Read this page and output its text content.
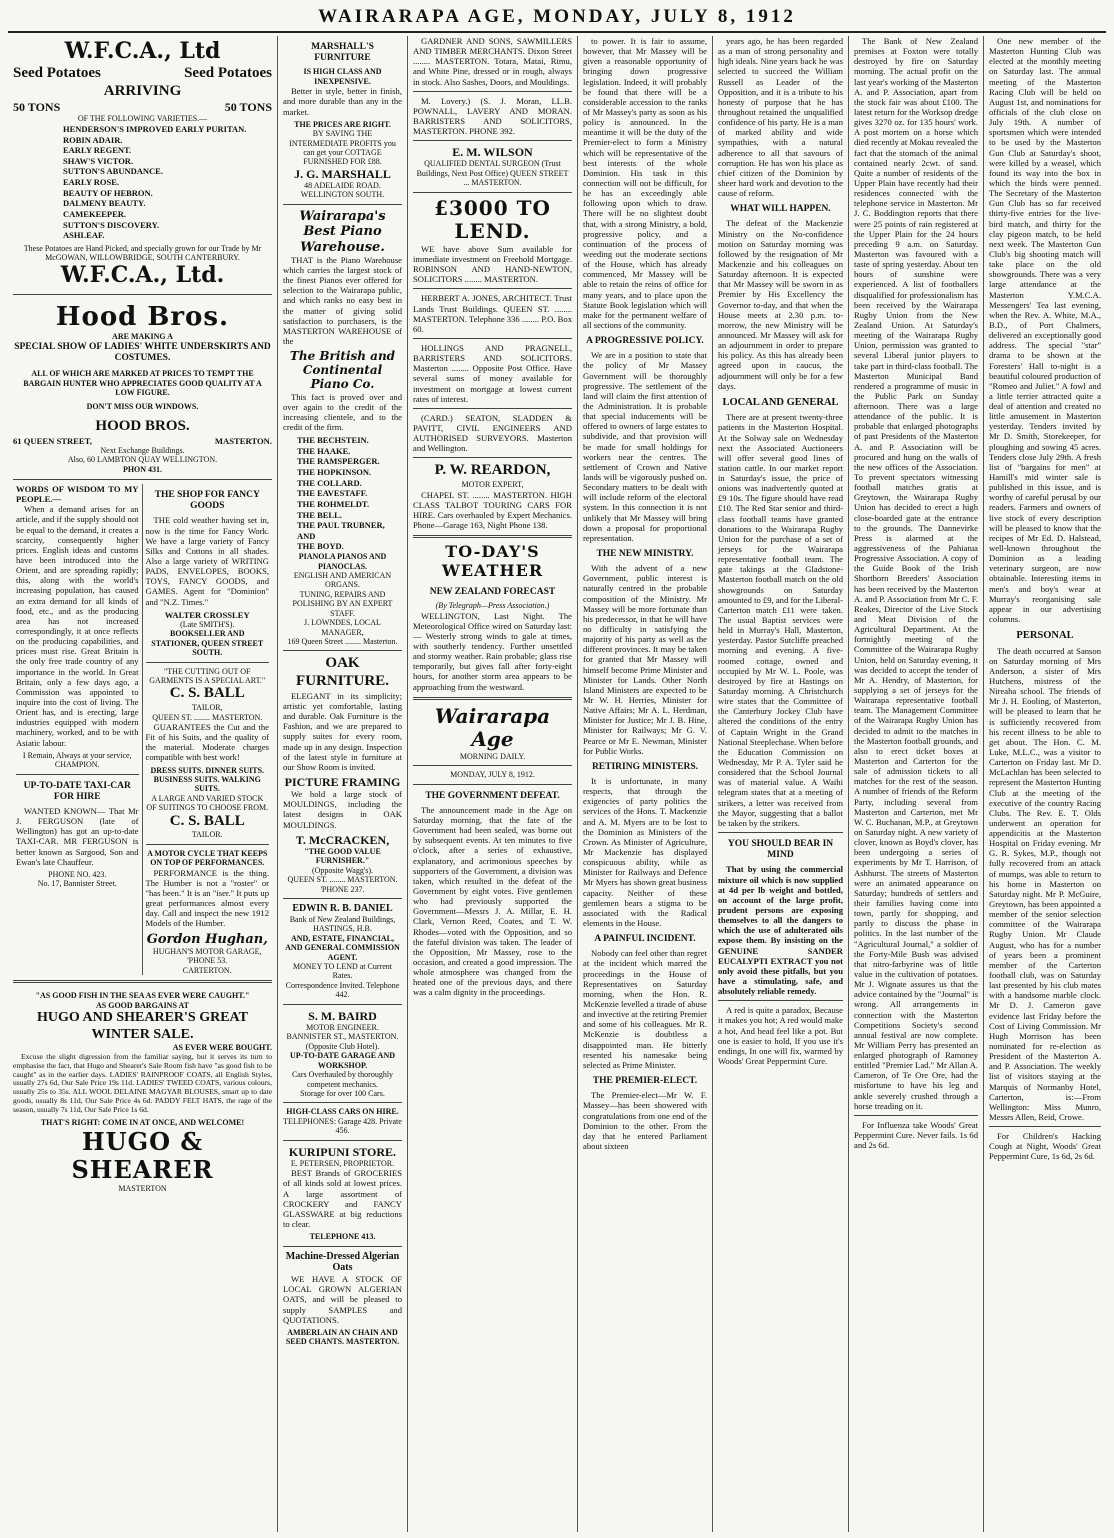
WAIRARAPA AGE, MONDAY, JULY 8, 1912
W.F.C.A., Ltd
Seed Potatoes	Seed Potatoes
ARRIVING
50 TONS	50 TONS
OF THE FOLLOWING VARIETIES.—
HENDERSON'S IMPROVED EARLY PURITAN.
ROBIN ADAIR.
EARLY REGENT.
SHAW'S VICTOR.
SUTTON'S ABUNDANCE.
EARLY ROSE.
BEAUTY OF HEBRON.
DALMENY BEAUTY.
CAMEKEEPER.
SUTTON'S DISCOVERY.
ASHLEAF.
These Potatoes are Hand Picked, and specially grown for our Trade by Mr McGOWAN, WILLOWBRIDGE, SOUTH CANTERBURY.
W.F.C.A., Ltd.
Hood Bros.
ARE MAKING A
SPECIAL SHOW OF LADIES' WHITE UNDERSKIRTS AND COSTUMES.
ALL OF WHICH ARE MARKED AT PRICES TO TEMPT THE BARGAIN HUNTER WHO APPRECIATES GOOD QUALITY AT A LOW FIGURE.
DON'T MISS OUR WINDOWS.
HOOD BROS.
61 QUEEN STREET,	MASTERTON.
Next Exchange Buildings.
Also, 60 LAMBTON QUAY WELLINGTON.
PHON 431.
WORDS OF WISDOM TO MY PEOPLE.—

When a demand arises for an article, and if the supply should not be equal to the demand, it creates a scarcity, consequently higher prices. English ideas and customs have been introduced into the Orient, and are spreading rapidly; this, along with the world's increasing population, has caused an extra demand for all kinds of food, etc., and as the producing area has not increased correspondingly, it at once reflects on the producing capabilities, and prices must rise. Great Britain is the only free trade country of any importance in the world. In Great Britain, only a few days ago, a Commission was appointed to inquire into the cost of living. The Orient has, and is erecting, large industries equipped with modern machinery, worked, and to be with Asiatic labour.

I Remain, Always at your service, CHAMPION.
UP-TO-DATE TAXI-CAR FOR HIRE

WANTED KNOWN— That Mr J. FERGUSON (late of Wellington) has got an up-to-date TAXI-CAR. MR FERGUSON is better known as Sargood, Son and Ewan's late Chauffeur.

PHONE NO. 423.
No. 17, Bannister Street.
THE SHOP FOR FANCY GOODS

THE cold weather having set in, now is the time for Fancy Work. We have a large variety of Fancy Silks and Cottons in all shades. Also a large variety of WRITING PADS, ENVELOPES, BOOKS, TOYS, FANCY GOODS, and GAMES. Agent for "Dominion" and "N.Z. Times."

WALTER CROSSLEY
(Late SMITH'S).
BOOKSELLER AND STATIONER, QUEEN STREET SOUTH.
"THE CUTTING OUT OF GARMENTS IS A SPECIAL ART."
C. S. BALL
TAILOR,
QUEEN ST. ........ MASTERTON.

GUARANTEES the Cut and the Fit of his Suits, and the quality of the material. Moderate charges compatible with best work!

DRESS SUITS. DINNER SUITS. BUSINESS SUITS. WALKING SUITS.
A LARGE AND VARIED STOCK OF SUITINGS TO CHOOSE FROM.
C. S. BALL
TAILOR.
A MOTOR CYCLE THAT KEEPS ON TOP OF PERFORMANCES.

PERFORMANCE is the thing. The Humber is not a "roster" or "has been." It is an "iser." It puts up great performances almost every day. Call and inspect the new 1912 Models of the Humber.

Gordon Hughan,
HUGHAN'S MOTOR GARAGE,
'PHONE 53.
CARTERTON.
"AS GOOD FISH IN THE SEA AS EVER WERE CAUGHT."
AS GOOD BARGAINS AT
HUGO AND SHEARER'S GREAT WINTER SALE.
AS EVER WERE BOUGHT.

Excuse the slight digression from the familiar saying, but it serves its turn to emphasise the fact, that Hugo and Shearer's Sale Room fish have "as good fish to be caught" as in the earlier days. LADIES' RAINPROOF COATS, all English Styles, usually 27s 6d, Our Sale Price 19s 11d. LADIES' TWEED COATS, various colours, usually 25s to 35s. ALL WOOL DELAINE MAGYAR BLOUSES, smart up to date goods, usually 8s 11d, Our Sale Price 4s 6d. PADDY FELT HATS, the rage of the season, usually 7s 11d, Our Sale Price 1s 6d.

THAT'S RIGHT: COME IN AT ONCE, AND WELCOME!
HUGO & SHEARER
MASTERTON
MARSHALL'S FURNITURE
IS HIGH CLASS AND INEXPENSIVE.

Better in style, better in finish, and more durable than any in the market.

THE PRICES ARE RIGHT.
BY SAVING THE INTERMEDIATE PROFITS you can get your COTTAGE FURNISHED FOR £88.
J. G. MARSHALL
48 ADELAIDE ROAD.
WELLINGTON SOUTH.
Wairarapa's Best Piano Warehouse.

THAT is the Piano Warehouse which carries the largest stock of the finest Pianos ever offered for selection to the Wairarapa public, and which ranks no easy best in the matter of giving solid satisfaction to purchasers, is the MASTERTON WAREHOUSE of the

The British and Continental Piano Co.

This fact is proved over and over again to the credit of the increasing clientele, and to the credit of the firm.

THE BECHSTEIN.
THE HAAKE.
THE RAMSPERGER.
THE HOPKINSON.
THE COLLARD.
THE EAVESTAFF.
THE ROHMELDT.
THE BELL.
THE PAUL TRUBNER, AND
THE BOYD.
PIANOLA PIANOS AND PIANOCLAS.
ENGLISH AND AMERICAN ORGANS.
TUNING, REPAIRS AND POLISHING BY AN EXPERT STAFF.
J. LOWNDES, LOCAL MANAGER,
169 Queen Street ........ Masterton.
OAK FURNITURE.

ELEGANT in its simplicity; artistic yet comfortable, lasting and durable. Oak Furniture is the Fashion, and we are prepared to supply suites for every room, made up in any design. Inspection of the latest style in furniture at our Show Room is invited.

PICTURE FRAMING

We hold a large stock of MOULDINGS, including the latest designs in OAK MOULDINGS.

T. McCRACKEN,
"THE GOOD VALUE FURNISHER."
(Opposite Wagg's).
QUEEN ST. ........ MASTERTON.
'PHONE 237.
EDWIN R. B. DANIEL
Bank of New Zealand Buildings,
HASTINGS, H.B.
AND, ESTATE, FINANCIAL, AND GENERAL COMMISSION AGENT.
MONEY TO LEND at Current Rates.
Correspondence Invited. Telephone 442.
S. M. BAIRD
MOTOR ENGINEER.
BANNISTER ST., MASTERTON. (Opposite Club Hotel).
UP-TO-DATE GARAGE AND WORKSHOP.
Cars Overhauled by thoroughly competent mechanics.
Storage for over 100 Cars.
HIGH-CLASS CARS ON HIRE.
TELEPHONES: Garage 428. Private 456.
KURIPUNI STORE.
E. PETERSEN, PROPRIETOR.

BEST Brands of GROCERIES of all kinds sold at lowest prices. A large assortment of CROCKERY and FANCY GLASSWARE at big reductions to clear.

TELEPHONE 413.
Machine-Dressed Algerian Oats

WE HAVE A STOCK OF LOCAL GROWN ALGERIAN OATS, and will be pleased to supply SAMPLES and QUOTATIONS.

AMBERLAIN AN CHAIN AND SEED CHANTS. MASTERTON.

GARDNER AND SONS, SAWMILLERS AND TIMBER MERCHANTS. Dixon Street ........ MASTERTON. Totara, Matai, Rimu, and White Pine, dressed or in rough, always in stock. Also Sashes, Doors, and Mouldings.

M. Lovery.) (S. J. Moran, LL.B. POWNALL, LAVERY AND MORAN. BARRISTERS AND SOLICITORS, MASTERTON. PHONE 392.

E. M. WILSON
QUALIFIED DENTAL SURGEON (Trust Buildings, Next Post Office) QUEEN STREET ... MASTERTON.
£3000 TO LEND.

WE have above Sum available for immediate investment on Freehold Mortgage. ROBINSON AND HAND-NEWTON, SOLICITORS ........ MASTERTON.

HERBERT A. JONES, ARCHITECT. Trust Lands Trust Buildings. QUEEN ST. ........ MASTERTON. Telephone 336 ........ P.O. Box 60.

HOLLINGS AND PRAGNELL, BARRISTERS AND SOLICITORS. Masterton ........ Opposite Post Office. Have several sums of money available for investment on mortgage at lowest current rates of interest.

(CARD.) SEATON, SLADDEN & PAVITT, CIVIL ENGINEERS AND AUTHORISED SURVEYORS. Masterton and Wellington.

P. W. REARDON,
MOTOR EXPERT,

CHAPEL ST. ........ MASTERTON. HIGH CLASS TALBOT TOURING CARS FOR HIRE. Cars overhauled by Expert Mechanics. Phone—Garage 163, Night Phone 138.

TO-DAY'S WEATHER
NEW ZEALAND FORECAST
(By Telegraph—Press Association.)

WELLINGTON, Last Night. The Meteorological Office wired on Saturday last:— Westerly strong winds to gale at times, with southerly tendency. Further unsettled and stormy weather. Rain probable; glass rise temporarily, but gives fall after forty-eight hours, for another storm area appears to be approaching from the westward.

Wairarapa Age
MORNING DAILY.
MONDAY, JULY 8, 1912.
THE GOVERNMENT DEFEAT.

The announcement made in the Age on Saturday morning, that the fate of the Government had been sealed, was borne out by subsequent events. At ten minutes to five o'clock, after a series of exhaustive, explanatory, and acrimonious speeches by supporters of the Government, a division was taken, which resulted in the defeat of the Government by eight votes. Five gentlemen who had previously supported the Government—Messrs J. A. Millar, E. H. Clark, Vernon Reed, Coates, and T. W. Rhodes—voted with the Opposition, and so the fateful division was taken. The leader of the Opposition, Mr Massey, rose to the occasion, and created a good impression. The whole atmosphere was changed from the heated one of the previous days, and there was a calm dignity in the proceedings.

to power. It is fair to assume, however, that Mr Massey will be given a reasonable opportunity of bringing down progressive legislation. Indeed, it will probably be found that there will be a considerable accession to the ranks of Mr Massey's party as soon as his policy is announced. In the meantime it will be the duty of the Premier-elect to form a Ministry which will be representative of the best interests of the whole Dominion. His task in this connection will not be difficult, for he has an exceedingly able following upon which to draw. There will be no slightest doubt that, with a strong Ministry, a bold, progressive policy, and a continuation of the process of weeding out the moderate sections of the House, which has already commenced, Mr Massey will be able to retain the reins of office for many years, and to place upon the Statute Book legislation which will make for the permanent welfare of all sections of the community.

A PROGRESSIVE POLICY.

We are in a position to state that the policy of Mr Massey Government will be thoroughly progressive. The settlement of the land will claim the first attention of the Administration. It is probable that special inducements will be offered to owners of large estates to subdivide, and that provision will be made for small holdings for workers near the centres. The settlement of Crown and Native lands will be vigorously pushed on. Secondary matters to be dealt with will include reform of the electoral system. In this connection it is not unlikely that Mr Massey will bring down a proposal for proportional representation.

THE NEW MINISTRY.

With the advent of a new Government, public interest is naturally centred in the probable composition of the Ministry. Mr Massey will be more fortunate than his predecessor, in that he will have no difficulty in satisfying the majority of his party as well as the different provinces. It may be taken for granted that Mr Massey will himself become Prime Minister and Minister for Lands. Other North Island Ministers are expected to be Mr W. H. Herries, Minister for Native Affairs; Mr A. L. Herdman, Minister for Justice; Mr J. B. Hine, Minister for Railways; Mr G. V. Pearce or Mr E. Newman, Minister for Public Works.

RETIRING MINISTERS.

It is unfortunate, in many respects, that through the exigencies of party politics the services of the Hons. T. Mackenzie and A. M. Myers are to be lost to the Dominion as Ministers of the Crown. As Minister of Agriculture, Mr Mackenzie has displayed conspicuous ability, while as Minister for Railways and Defence Mr Myers has shown great business capacity. Neither of these gentlemen bears a stigma to be associated with the Radical elements in the House.

A PAINFUL INCIDENT.

Nobody can feel other than regret at the incident which marred the proceedings in the House of Representatives on Saturday morning, when the Hon. R. McKenzie levelled a tirade of abuse and invective at the retiring Premier and some of his colleagues. Mr R. McKenzie is doubtless a disappointed man. He bitterly resented his namesake being selected as Prime Minister.

THE PREMIER-ELECT.

The Premier-elect—Mr W. F. Massey—has been showered with congratulations from one end of the Dominion to the other. From the day that he entered Parliament about sixteen

years ago, he has been regarded as a man of strong personality and high ideals. Nine years back he was selected to succeed the William Russell as Leader of the Opposition, and it is a tribute to his honesty of purpose that he has throughout retained the unqualified confidence of his party. He is a man of marked ability and wide sympathies, with a natural adherence to all that savours of corruption. He has won his place as chief citizen of the Dominion by sheer hard work and devotion to the cause of reform.

WHAT WILL HAPPEN.

The defeat of the Mackenzie Ministry on the No-confidence motion on Saturday morning was followed by the resignation of Mr Mackenzie and his colleagues on Saturday afternoon. It is expected that Mr Massey will be sworn in as Premier by His Excellency the Governor to-day, and that when the House meets at 2.30 p.m. to-morrow, the new Ministry will be announced. Mr Massey will ask for an adjournment in order to prepare his policy. As this has already been agreed upon in caucus, the adjournment will only be for a few days.

LOCAL AND GENERAL

There are at present twenty-three patients in the Masterton Hospital. At the Solway sale on Wednesday next the Associated Auctioneers will offer several good lines of station cattle. In our market report in Saturday's issue, the price of onions was inadvertently quoted at £9 10s. The figure should have read £10. The Red Star senior and third-class football teams have granted donations to the Wairarapa Rugby Union for the purchase of a set of jerseys for the Wairarapa representative football team. The gate takings at the Gladstone-Masterton football match on the old showgrounds on Saturday amounted to £9, and for the Liberal-Carterton match £11 were taken. The usual Baptist services were held in Murray's Hall, Masterton, yesterday. Pastor Sutcliffe preached morning and evening. A five-roomed cottage, owned and occupied by Mr W. L. Poole, was destroyed by fire at Hastings on Saturday morning. A Christchurch wire states that the Committee of the Canterbury Jockey Club have altered the conditions of the entry of Captain Wright in the Grand National Steeplechase. When before the Education Commission on Wednesday, Mr P. A. Tyler said he considered that the School Journal was of material value. A Waihi telegram states that at a meeting of strikers, a letter was received from the Mayor, suggesting that a ballot be taken by the strikers.

YOU SHOULD BEAR IN MIND

That by using the commercial mixture oil which is now supplied at 4d per lb weight and bottled, on account of the large profit, prudent persons are exposing themselves to all the dangers to which the use of adulterated oils expose them. By insisting on the GENUINE SANDER EUCALYPTI EXTRACT you not only avoid these pitfalls, but you have a stimulating, safe, and absolutely reliable remedy.

A red is quite a paradox, Because it makes you hot; A red would make a hot, And head feel like a pot. But one is easier to hold, If you use it's endings, In one will fix, warmed by Woods' Great Peppermint Cure.

The Bank of New Zealand premises at Foxton were totally destroyed by fire on Saturday morning. The actual profit on the last year's working of the Masterton A. and P. Association, apart from the stock fair was about £100. The latest return for the Worksop dredge gives 3270 oz. for 135 hours' work. A post mortem on a horse which died recently at Mokau revealed the fact that the stomach of the animal contained nearly 2cwt. of sand. Quite a number of residents of the Upper Plain have recently had their residences connected with the telephone service in Masterton. Mr J. C. Boddington reports that there were 25 points of rain registered at the Upper Plain for the 24 hours preceding 9 a.m. on Saturday. Masterton was favoured with a taste of spring yesterday. About ten hours of sunshine were experienced. A list of footballers disqualified for professionalism has been received by the Wairarapa Rugby Union from the New Zealand Union. At Saturday's meeting of the Wairarapa Rugby Union, permission was granted to several Liberal junior players to take part in third-class football. The Masterton Municipal Band rendered a programme of music in the Public Park on Sunday afternoon. There was a large attendance of the public. It is probable that enlarged photographs of past Presidents of the Masterton A. and P. Association will be procured and hung on the walls of the new offices of the Association. To prevent spectators witnessing football matches gratis at Greytown, the Wairarapa Rugby Union has decided to erect a high close-boarded gate at the entrance to the grounds. The Dannevirke Press is alarmed at the aggressiveness of the Pahiatua Progressive Association. A copy of the Guide Book of the Irish Shorthorn Breeders' Association has been received by the Masterton A. and P. Association from Mr C. F. Reakes, Director of the Live Stock and Meat Division of the Agricultural Department. At the fortnightly meeting of the Committee of the Wairarapa Rugby Union, held on Saturday evening, it was decided to accept the tender of Mr A. Hendry, of Masterton, for supplying a set of jerseys for the Wairarapa representative football team. The Management Committee of the Wairarapa Rugby Union has decided to admit to the matches in the Masterton football grounds, and also to erect ticket boxes at Masterton and Carterton for the sale of admission tickets to all matches for the rest of the season. A number of friends of the Reform Party, including several from Masterton and Carterton, met Mr W. C. Buchanan, M.P., at Greytown on Saturday night. A new variety of clover, known as Boyd's clover, has been undergoing a series of experiments by Mr T. Harrison, of Ashhurst. The streets of Masterton were an animated appearance on Saturday; hundreds of settlers and their families having come into town, partly for shopping, and partly to discuss the phase in politics. In the last number of the "Agricultural Journal," a soldier of the Forty-Mile Bush was advised that nitro-farbyrine was of little value in the cultivation of potatoes. Mr J. Wignate assures us that the advice contained by the "Journal" is wrong. All arrangements in connection with the Masterton Competitions Society's second annual festival are now complete. Mr William Perry has presented an enlarged photograph of Ramoney entitled "Premier Lad." Mr Allan A. Cameron, of Te Ore Ore, had the misfortune to have his leg and ankle severely crushed through a horse treading on it.

For Influenza take Woods' Great Peppermint Cure. Never fails. 1s 6d and 2s 6d.

One new member of the Masterton Hunting Club was elected at the monthly meeting on Saturday last. The annual meeting of the Masterton Racing Club will be held on August 1st, and nominations for officials of the club close on July 19th. A number of sportsmen which were intended to be used by the Masterton Gun Club at Saturday's shoot, were killed by a weasel, which found its way into the box in which the birds were penned. The Secretary of the Masterton Gun Club has so far received thirty-five entries for the live-bird match, and thirty for the clay pigeon match, to be held next week. The Masterton Gun Club's big shooting match will take place on the old showgrounds. There was a very large attendance at the Masterton Y.M.C.A. Messengers' Tea last evening, when the Rev. A. White, M.A., B.D., of Port Chalmers, delivered an exceptionally good address. The special "star" drama to be shown at the Foresters' Hall to-night is a beautiful coloured production of "Romeo and Juliet." A fowl and a little terrier attracted quite a deal of attention and created no little amusement in Masterton yesterday. Tenders invited by Mr D. Smith, Storekeeper, for ploughing and sowing 45 acres. Tenders close July 29th. A fresh list of "bargains for men" at Hamill's mid winter sale is published in this issue, and is worthy of careful perusal by our readers. Farmers and owners of live stock of every description will be pleased to know that the recipes of Mr Ed. D. Halstead, well-known throughout the Dominion as a leading veterinary surgeon, are now obtainable. Interesting items in men's and boy's wear at Murray's reorganising sale appear in our advertising columns.

PERSONAL

The death occurred at Sanson on Saturday morning of Mrs Anderson, a sister of Mrs Hutchens, mistress of the Nireaha school. The friends of Mr J. H. Eooling, of Masterton, will be pleased to learn that he is sufficiently recovered from his recent illness to be able to get about. The Hon. C. M. Luke, M.L.C., was a visitor to Carterton on Friday last. Mr D. McLachlan has been selected to represent the Masterton Hunting Club at the meeting of the executive of the country Racing Clubs. The Rev. E. T. Olds underwent an operation for appendicitis at the Masterton Hospital on Friday evening. Mr G. R. Sykes, M.P., though not fully recovered from an attack of mumps, was able to return to his home in Masterton on Saturday night. Mr P. McGuire, Greytown, has been appointed a member of the senior selection committee of the Wairarapa Rugby Union. Mr Claude August, who has for a number of years been a prominent member of the Carterton football club, was on Saturday last presented by his club mates with a handsome marble clock. Mr D. J. Cameron gave evidence last Friday before the Cost of Living Commission. Mr Hugh Morrison has been nominated for re-election as President of the Masterton A. and P. Association. The weekly list of visitors staying at the Marquis of Normanby Hotel, Carterton, is:—From Wellington: Miss Munro, Messrs Allen, Reid, Crowe.

For Children's Hacking Cough at Night, Woods' Great Peppermint Cure, 1s 6d, 2s 6d.
